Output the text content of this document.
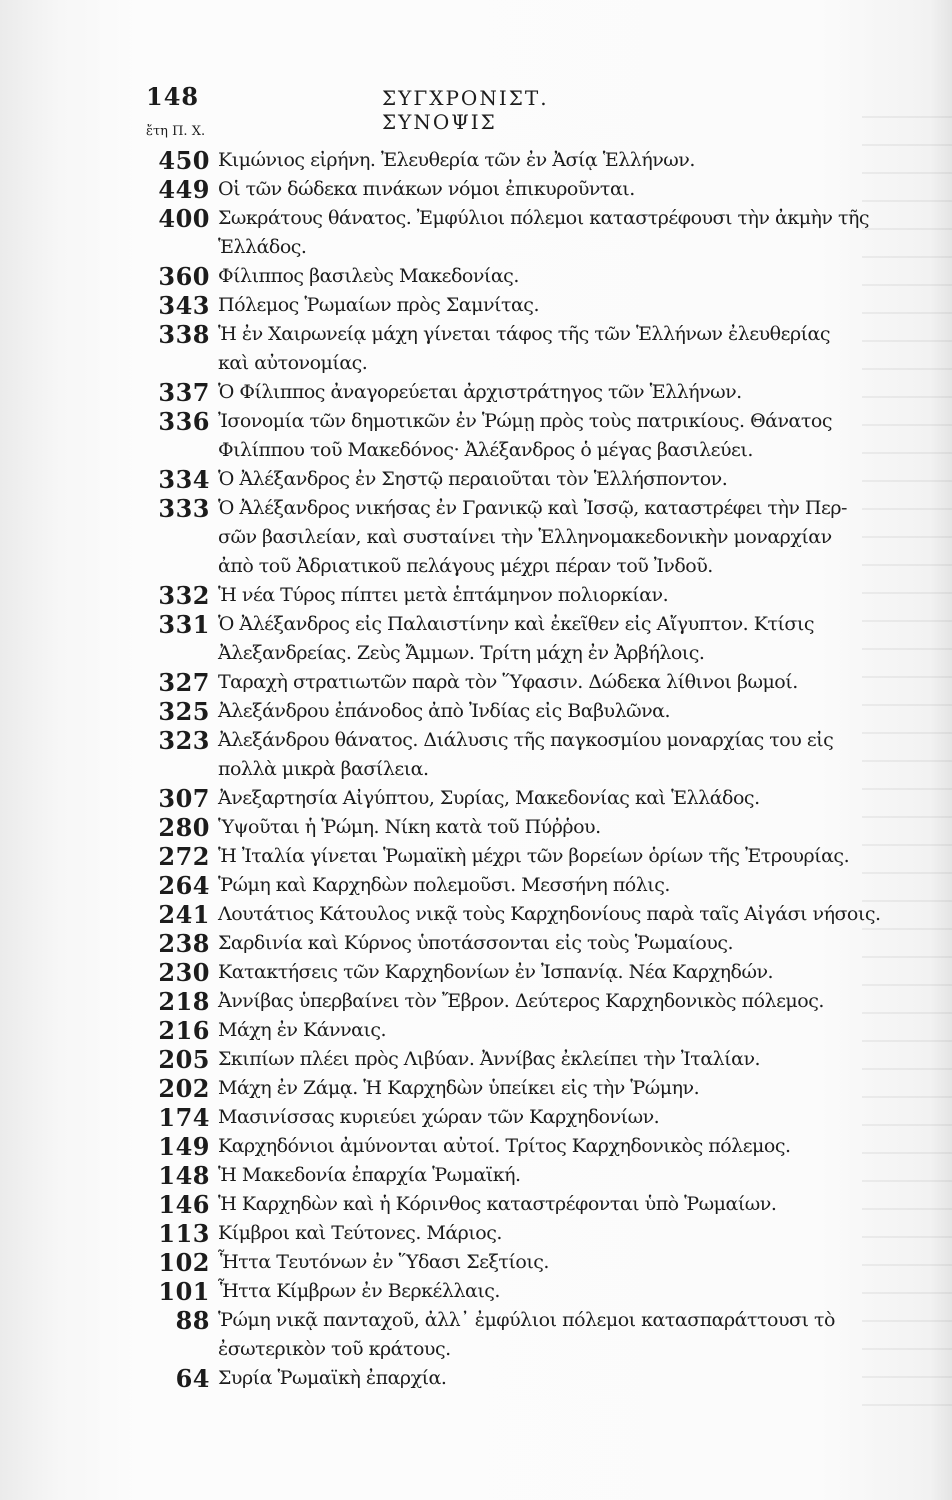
148	ΣΥΓΧΡΟΝΙΣΤ. ΣΥΝΟΨΙΣ
ἔτη Π. Χ.
450 Κιμώνιος εἰρήνη. Ἐλευθερία τῶν ἐν Ἀσίᾳ Ἑλλήνων.
449 Οἱ τῶν δώδεκα πινάκων νόμοι ἐπικυροῦνται.
400 Σωκράτους θάνατος. Ἐμφύλιοι πόλεμοι καταστρέφουσι τὴν ἀκμὴν τῆς
Ἑλλάδος.
360 Φίλιππος βασιλεὺς Μακεδονίας.
343 Πόλεμος Ῥωμαίων πρὸς Σαμνίτας.
338 Ἡ ἐν Χαιρωνείᾳ μάχη γίνεται τάφος τῆς τῶν Ἑλλήνων ἐλευθερίας
καὶ αὐτονομίας.
337 Ὁ Φίλιππος ἀναγορεύεται ἀρχιστράτηγος τῶν Ἑλλήνων.
336 Ἰσονομία τῶν δημοτικῶν ἐν Ῥώμῃ πρὸς τοὺς πατρικίους. Θάνατος
Φιλίππου τοῦ Μακεδόνος· Ἀλέξανδρος ὁ μέγας βασιλεύει.
334 Ὁ Ἀλέξανδρος ἐν Σηστῷ περαιοῦται τὸν Ἑλλήσποντον.
333 Ὁ Ἀλέξανδρος νικήσας ἐν Γρανικῷ καὶ Ἰσσῷ, καταστρέφει τὴν Περ-
σῶν βασιλείαν, καὶ συσταίνει τὴν Ἑλληνομακεδονικὴν μοναρχίαν
ἀπὸ τοῦ Ἀδριατικοῦ πελάγους μέχρι πέραν τοῦ Ἰνδοῦ.
332 Ἡ νέα Τύρος πίπτει μετὰ ἑπτάμηνον πολιορκίαν.
331 Ὁ Ἀλέξανδρος εἰς Παλαιστίνην καὶ ἐκεῖθεν εἰς Αἴγυπτον. Κτίσις
Ἀλεξανδρείας. Ζεὺς Ἄμμων. Τρίτη μάχη ἐν Ἀρβήλοις.
327 Ταραχὴ στρατιωτῶν παρὰ τὸν Ὕφασιν. Δώδεκα λίθινοι βωμοί.
325 Ἀλεξάνδρου ἐπάνοδος ἀπὸ Ἰνδίας εἰς Βαβυλῶνα.
323 Ἀλεξάνδρου θάνατος. Διάλυσις τῆς παγκοσμίου μοναρχίας του εἰς
πολλὰ μικρὰ βασίλεια.
307 Ἀνεξαρτησία Αἰγύπτου, Συρίας, Μακεδονίας καὶ Ἑλλάδος.
280 Ὑψοῦται ἡ Ῥώμη. Νίκη κατὰ τοῦ Πύῤῥου.
272 Ἡ Ἰταλία γίνεται Ῥωμαϊκὴ μέχρι τῶν βορείων ὁρίων τῆς Ἐτρουρίας.
264 Ῥώμη καὶ Καρχηδὼν πολεμοῦσι. Μεσσήνη πόλις.
241 Λουτάτιος Κάτουλος νικᾷ τοὺς Καρχηδονίους παρὰ ταῖς Αἰγάσι νήσοις.
238 Σαρδινία καὶ Κύρνος ὑποτάσσονται εἰς τοὺς Ῥωμαίους.
230 Κατακτήσεις τῶν Καρχηδονίων ἐν Ἰσπανίᾳ. Νέα Καρχηδών.
218 Ἀννίβας ὑπερβαίνει τὸν Ἔβρον. Δεύτερος Καρχηδονικὸς πόλεμος.
216 Μάχη ἐν Κάνναις.
205 Σκιπίων πλέει πρὸς Λιβύαν. Ἀννίβας ἐκλείπει τὴν Ἰταλίαν.
202 Μάχη ἐν Ζάμᾳ. Ἡ Καρχηδὼν ὑπείκει εἰς τὴν Ῥώμην.
174 Μασινίσσας κυριεύει χώραν τῶν Καρχηδονίων.
149 Καρχηδόνιοι ἀμύνονται αὐτοί. Τρίτος Καρχηδονικὸς πόλεμος.
148 Ἡ Μακεδονία ἐπαρχία Ῥωμαϊκή.
146 Ἡ Καρχηδὼν καὶ ἡ Κόρινθος καταστρέφονται ὑπὸ Ῥωμαίων.
113 Κίμβροι καὶ Τεύτονες. Μάριος.
102 Ἧττα Τευτόνων ἐν Ὕδασι Σεξτίοις.
101 Ἧττα Κίμβρων ἐν Βερκέλλαις.
88 Ῥώμη νικᾷ πανταχοῦ, ἀλλ᾿ ἐμφύλιοι πόλεμοι κατασπαράττουσι τὸ
ἐσωτερικὸν τοῦ κράτους.
64 Συρία Ῥωμαϊκὴ ἐπαρχία.
